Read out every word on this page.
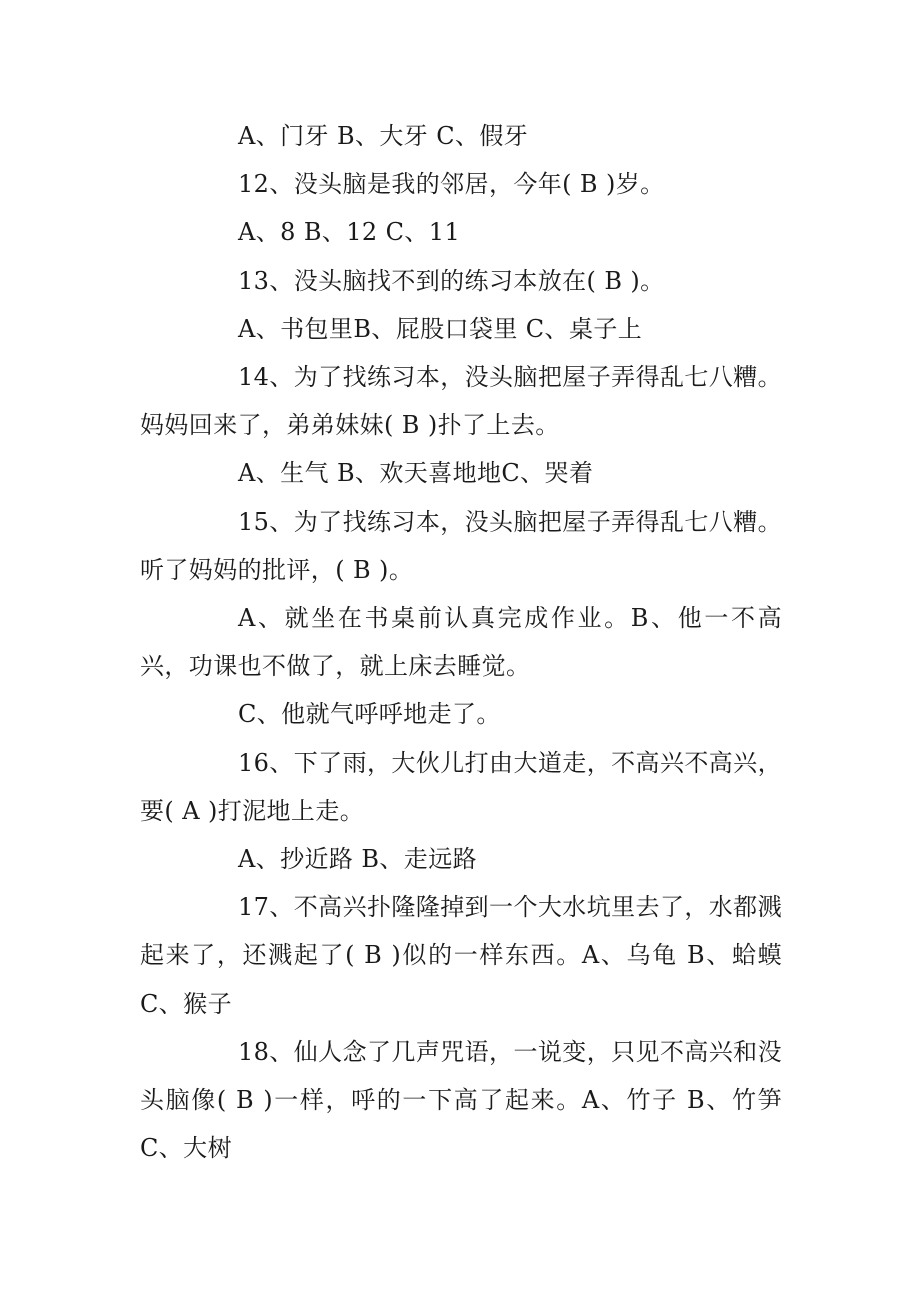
A、门牙 B、大牙 C、假牙

12、没头脑是我的邻居，今年( B )岁。

A、8 B、12 C、11

13、没头脑找不到的练习本放在( B )。

A、书包里B、屁股口袋里 C、桌子上

14、为了找练习本，没头脑把屋子弄得乱七八糟。妈妈回来了，弟弟妹妹( B )扑了上去。

A、生气 B、欢天喜地地C、哭着

15、为了找练习本，没头脑把屋子弄得乱七八糟。听了妈妈的批评，( B )。

A、就坐在书桌前认真完成作业。B、他一不高兴，功课也不做了，就上床去睡觉。

C、他就气呼呼地走了。

16、下了雨，大伙儿打由大道走，不高兴不高兴，要( A )打泥地上走。

A、抄近路 B、走远路

17、不高兴扑隆隆掉到一个大水坑里去了，水都溅起来了，还溅起了( B )似的一样东西。A、乌龟 B、蛤蟆 C、猴子

18、仙人念了几声咒语，一说变，只见不高兴和没头脑像( B )一样，呼的一下高了起来。A、竹子 B、竹笋 C、大树
